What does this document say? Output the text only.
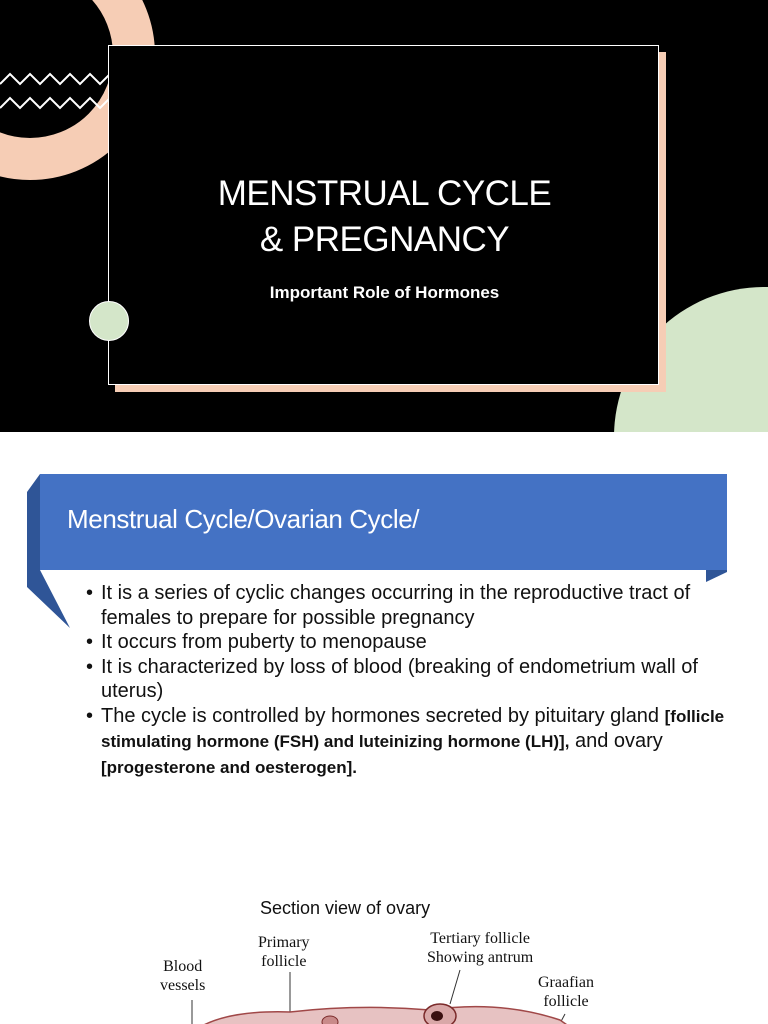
MENSTRUAL CYCLE
& PREGNANCY
Important Role of Hormones
Menstrual Cycle/Ovarian Cycle/
• It is a series of cyclic changes occurring in the reproductive tract of females to prepare for possible pregnancy
• It occurs from puberty to menopause
• It is characterized by loss of blood (breaking of endometrium wall of uterus)
• The cycle is controlled by hormones secreted by pituitary gland [follicle stimulating hormone (FSH) and luteinizing hormone (LH)], and ovary [progesterone and oesterogen].
Section view of ovary
Blood
vessels
Primary
follicle
Tertiary follicle
Showing antrum
Graafian
follicle
